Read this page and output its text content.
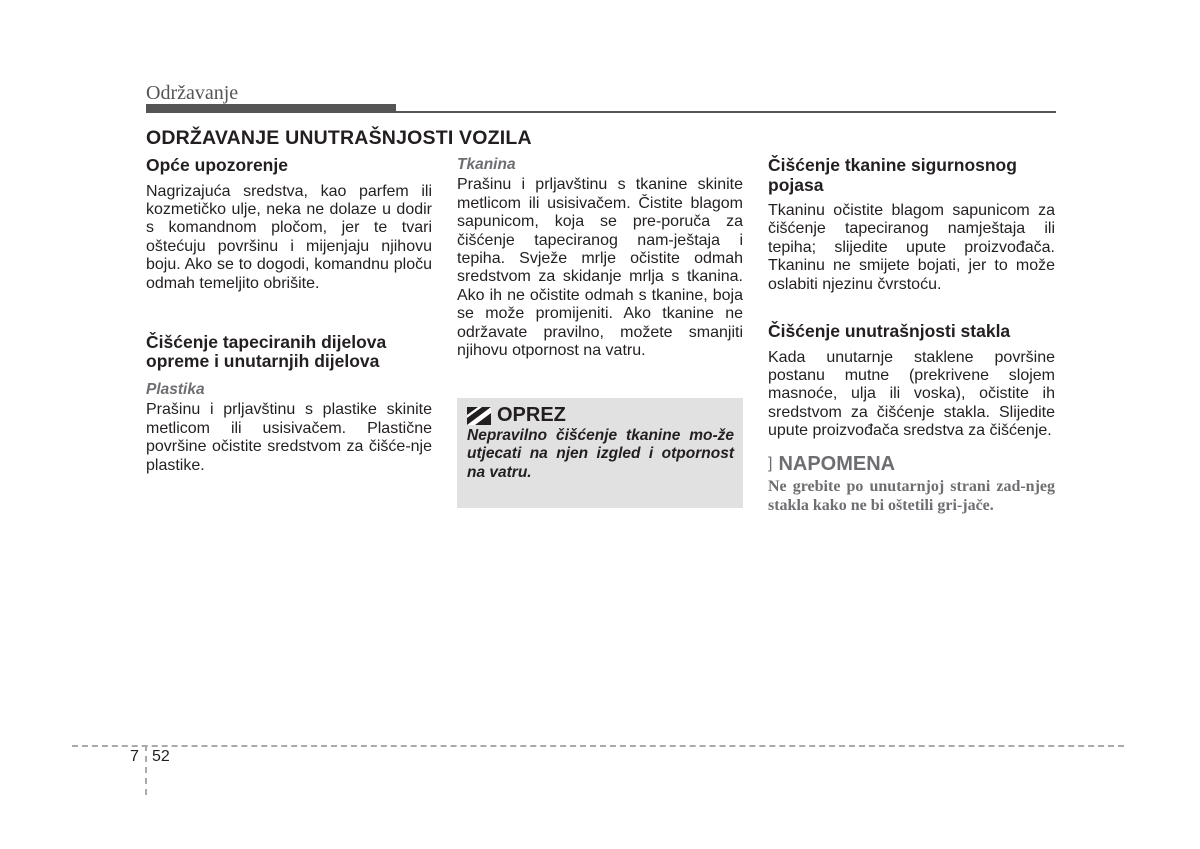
Održavanje
ODRŽAVANJE UNUTRAŠNJOSTI VOZILA
Opće upozorenje

Nagrizajuća sredstva, kao parfem ili kozmetičko ulje, neka ne dolaze u dodir s komandnom pločom, jer te tvari oštećuju površinu i mijenjaju njihovu boju. Ako se to dogodi, komandnu ploču odmah temeljito obrišite.

Čišćenje tapeciranih dijelova opreme i unutarnjih dijelova
Plastika

Prašinu i prljavštinu s plastike skinite metlicom ili usisivačem. Plastične površine očistite sredstvom za čišće-nje plastike.

Tkanina

Prašinu i prljavštinu s tkanine skinite metlicom ili usisivačem. Čistite blagom sapunicom, koja se pre-poruča za čišćenje tapeciranog nam-ještaja i tepiha. Svježe mrlje očistite odmah sredstvom za skidanje mrlja s tkanina. Ako ih ne očistite odmah s tkanine, boja se može promijeniti. Ako tkanine ne održavate pravilno, možete smanjiti njihovu otpornost na vatru.

OPREZ
Nepravilno čišćenje tkanine mo-že utjecati na njen izgled i otpornost na vatru.
Čišćenje tkanine sigurnosnog pojasa

Tkaninu očistite blagom sapunicom za čišćenje tapeciranog namještaja ili tepiha; slijedite upute proizvođača. Tkaninu ne smijete bojati, jer to može oslabiti njezinu čvrstoću.

Čišćenje unutrašnjosti stakla

Kada unutarnje staklene površine postanu mutne (prekrivene slojem masnoće, ulja ili voska), očistite ih sredstvom za čišćenje stakla. Slijedite upute proizvođača sredstva za čišćenje.

] NAPOMENA
Ne grebite po unutarnjoj strani zad-njeg stakla kako ne bi oštetili gri-jače.
7 52
